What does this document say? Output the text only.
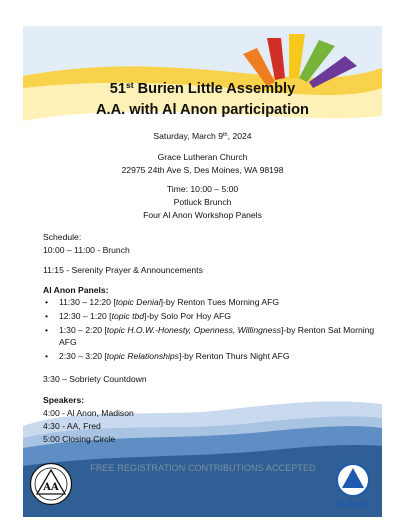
51st Burien Little Assembly
A.A. with Al Anon participation
Saturday, March 9th, 2024
Grace Lutheran Church
22975 24th Ave S, Des Moines, WA 98198
Time: 10:00 – 5:00
Potluck Brunch
Four Al Anon Workshop Panels
Schedule:
10:00 – 11:00 - Brunch
11:15 - Serenity Prayer & Announcements
Al Anon Panels:
• 11:30 – 12:20 [topic Denial]-by Renton Tues Morning AFG
• 12:30 – 1:20 [topic tbd]-by Solo Por Hoy AFG
• 1:30 – 2:20 [topic H.O.W.-Honesty, Openness, Willingness]-by Renton Sat Morning AFG
• 2:30 – 3:20 [topic Relationships]-by Renton Thurs Night AFG
3:30 – Sobriety Countdown
Speakers:
4:00 - Al Anon, Madison
4:30 - AA, Fred
5:00 Closing Circle
FREE REGISTRATION CONTRIBUTIONS ACCEPTED
AA
Al-Anon
